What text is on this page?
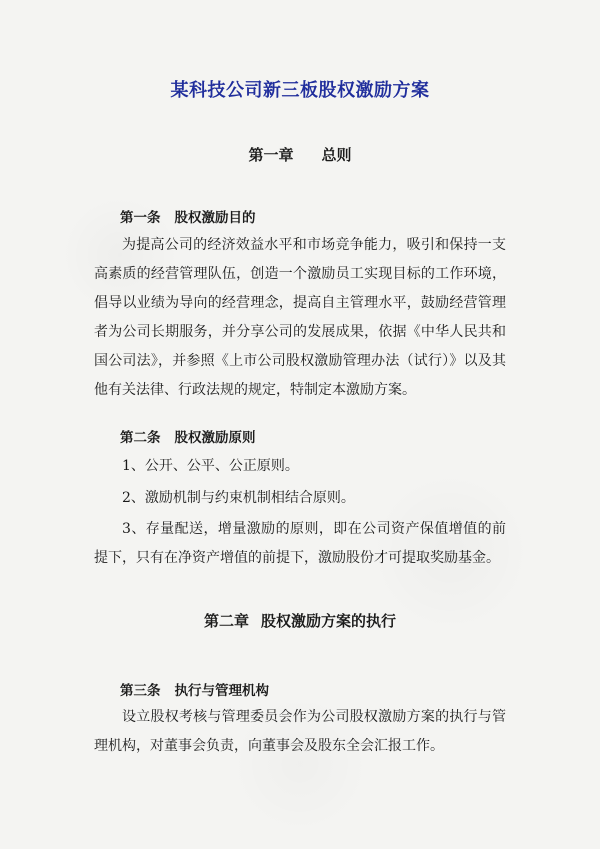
某科技公司新三板股权激励方案
第一章 总则
第一条 股权激励目的

为提高公司的经济效益水平和市场竞争能力，吸引和保持一支高素质的经营管理队伍，创造一个激励员工实现目标的工作环境，倡导以业绩为导向的经营理念，提高自主管理水平，鼓励经营管理者为公司长期服务，并分享公司的发展成果，依据《中华人民共和国公司法》，并参照《上市公司股权激励管理办法（试行）》以及其他有关法律、行政法规的规定，特制定本激励方案。

第二条 股权激励原则

1、公开、公平、公正原则。

2、激励机制与约束机制相结合原则。

3、存量配送，增量激励的原则，即在公司资产保值增值的前提下，只有在净资产增值的前提下，激励股份才可提取奖励基金。

第二章 股权激励方案的执行
第三条 执行与管理机构

设立股权考核与管理委员会作为公司股权激励方案的执行与管理机构，对董事会负责，向董事会及股东全会汇报工作。
